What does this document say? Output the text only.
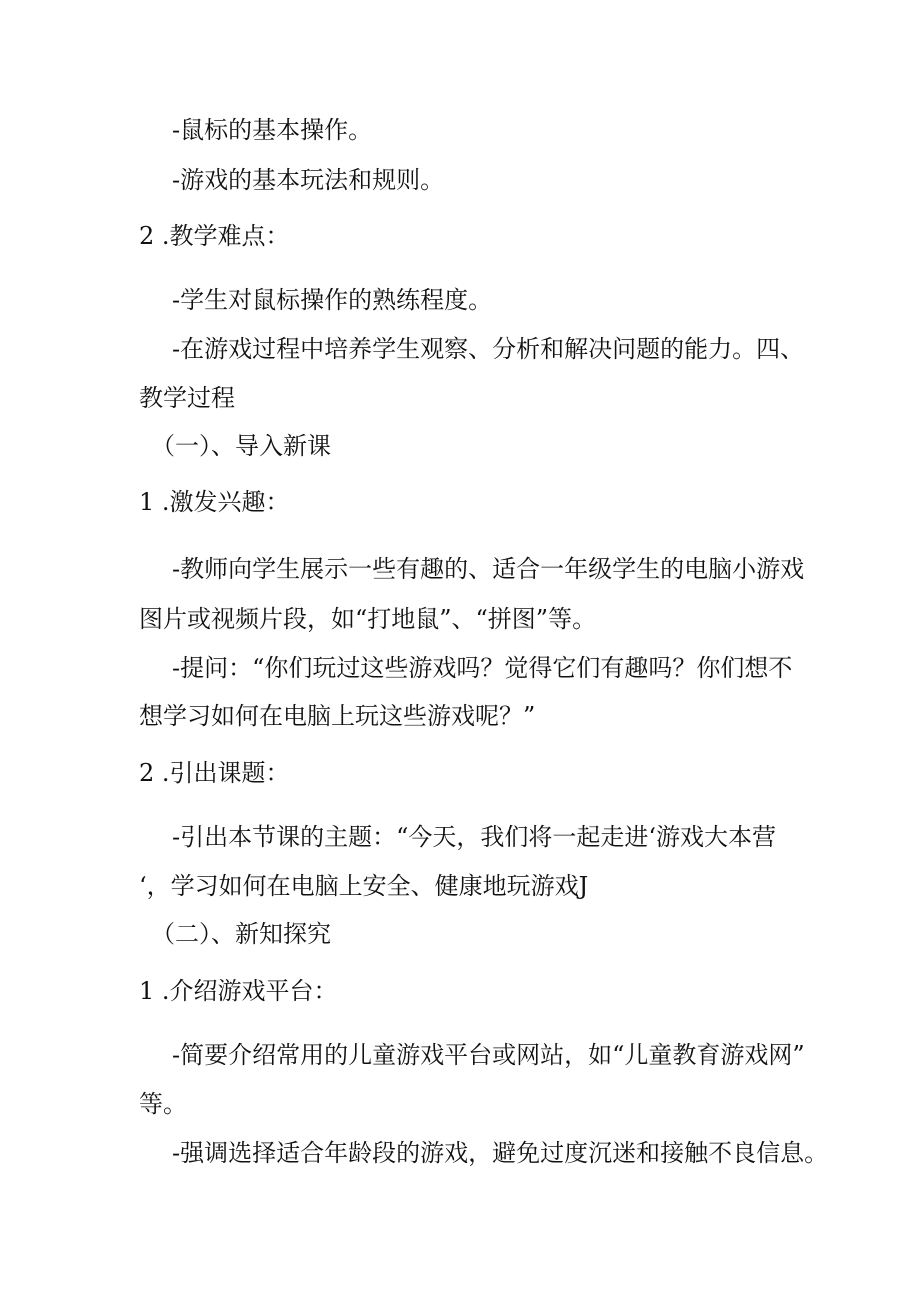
-鼠标的基本操作。

-游戏的基本玩法和规则。

2 .教学难点：

-学生对鼠标操作的熟练程度。

-在游戏过程中培养学生观察、分析和解决问题的能力。四、

教学过程

（一）、导入新课

1 .激发兴趣：

-教师向学生展示一些有趣的、适合一年级学生的电脑小游戏

图片或视频片段，如“打地鼠”、“拼图”等。

-提问：“你们玩过这些游戏吗？觉得它们有趣吗？你们想不

想学习如何在电脑上玩这些游戏呢？”

2 .引出课题：

-引出本节课的主题：“今天，我们将一起走进‘游戏大本营

‘，学习如何在电脑上安全、健康地玩游戏J

（二）、新知探究

1 .介绍游戏平台：

-简要介绍常用的儿童游戏平台或网站，如“儿童教育游戏网”

等。

-强调选择适合年龄段的游戏，避免过度沉迷和接触不良信息。
